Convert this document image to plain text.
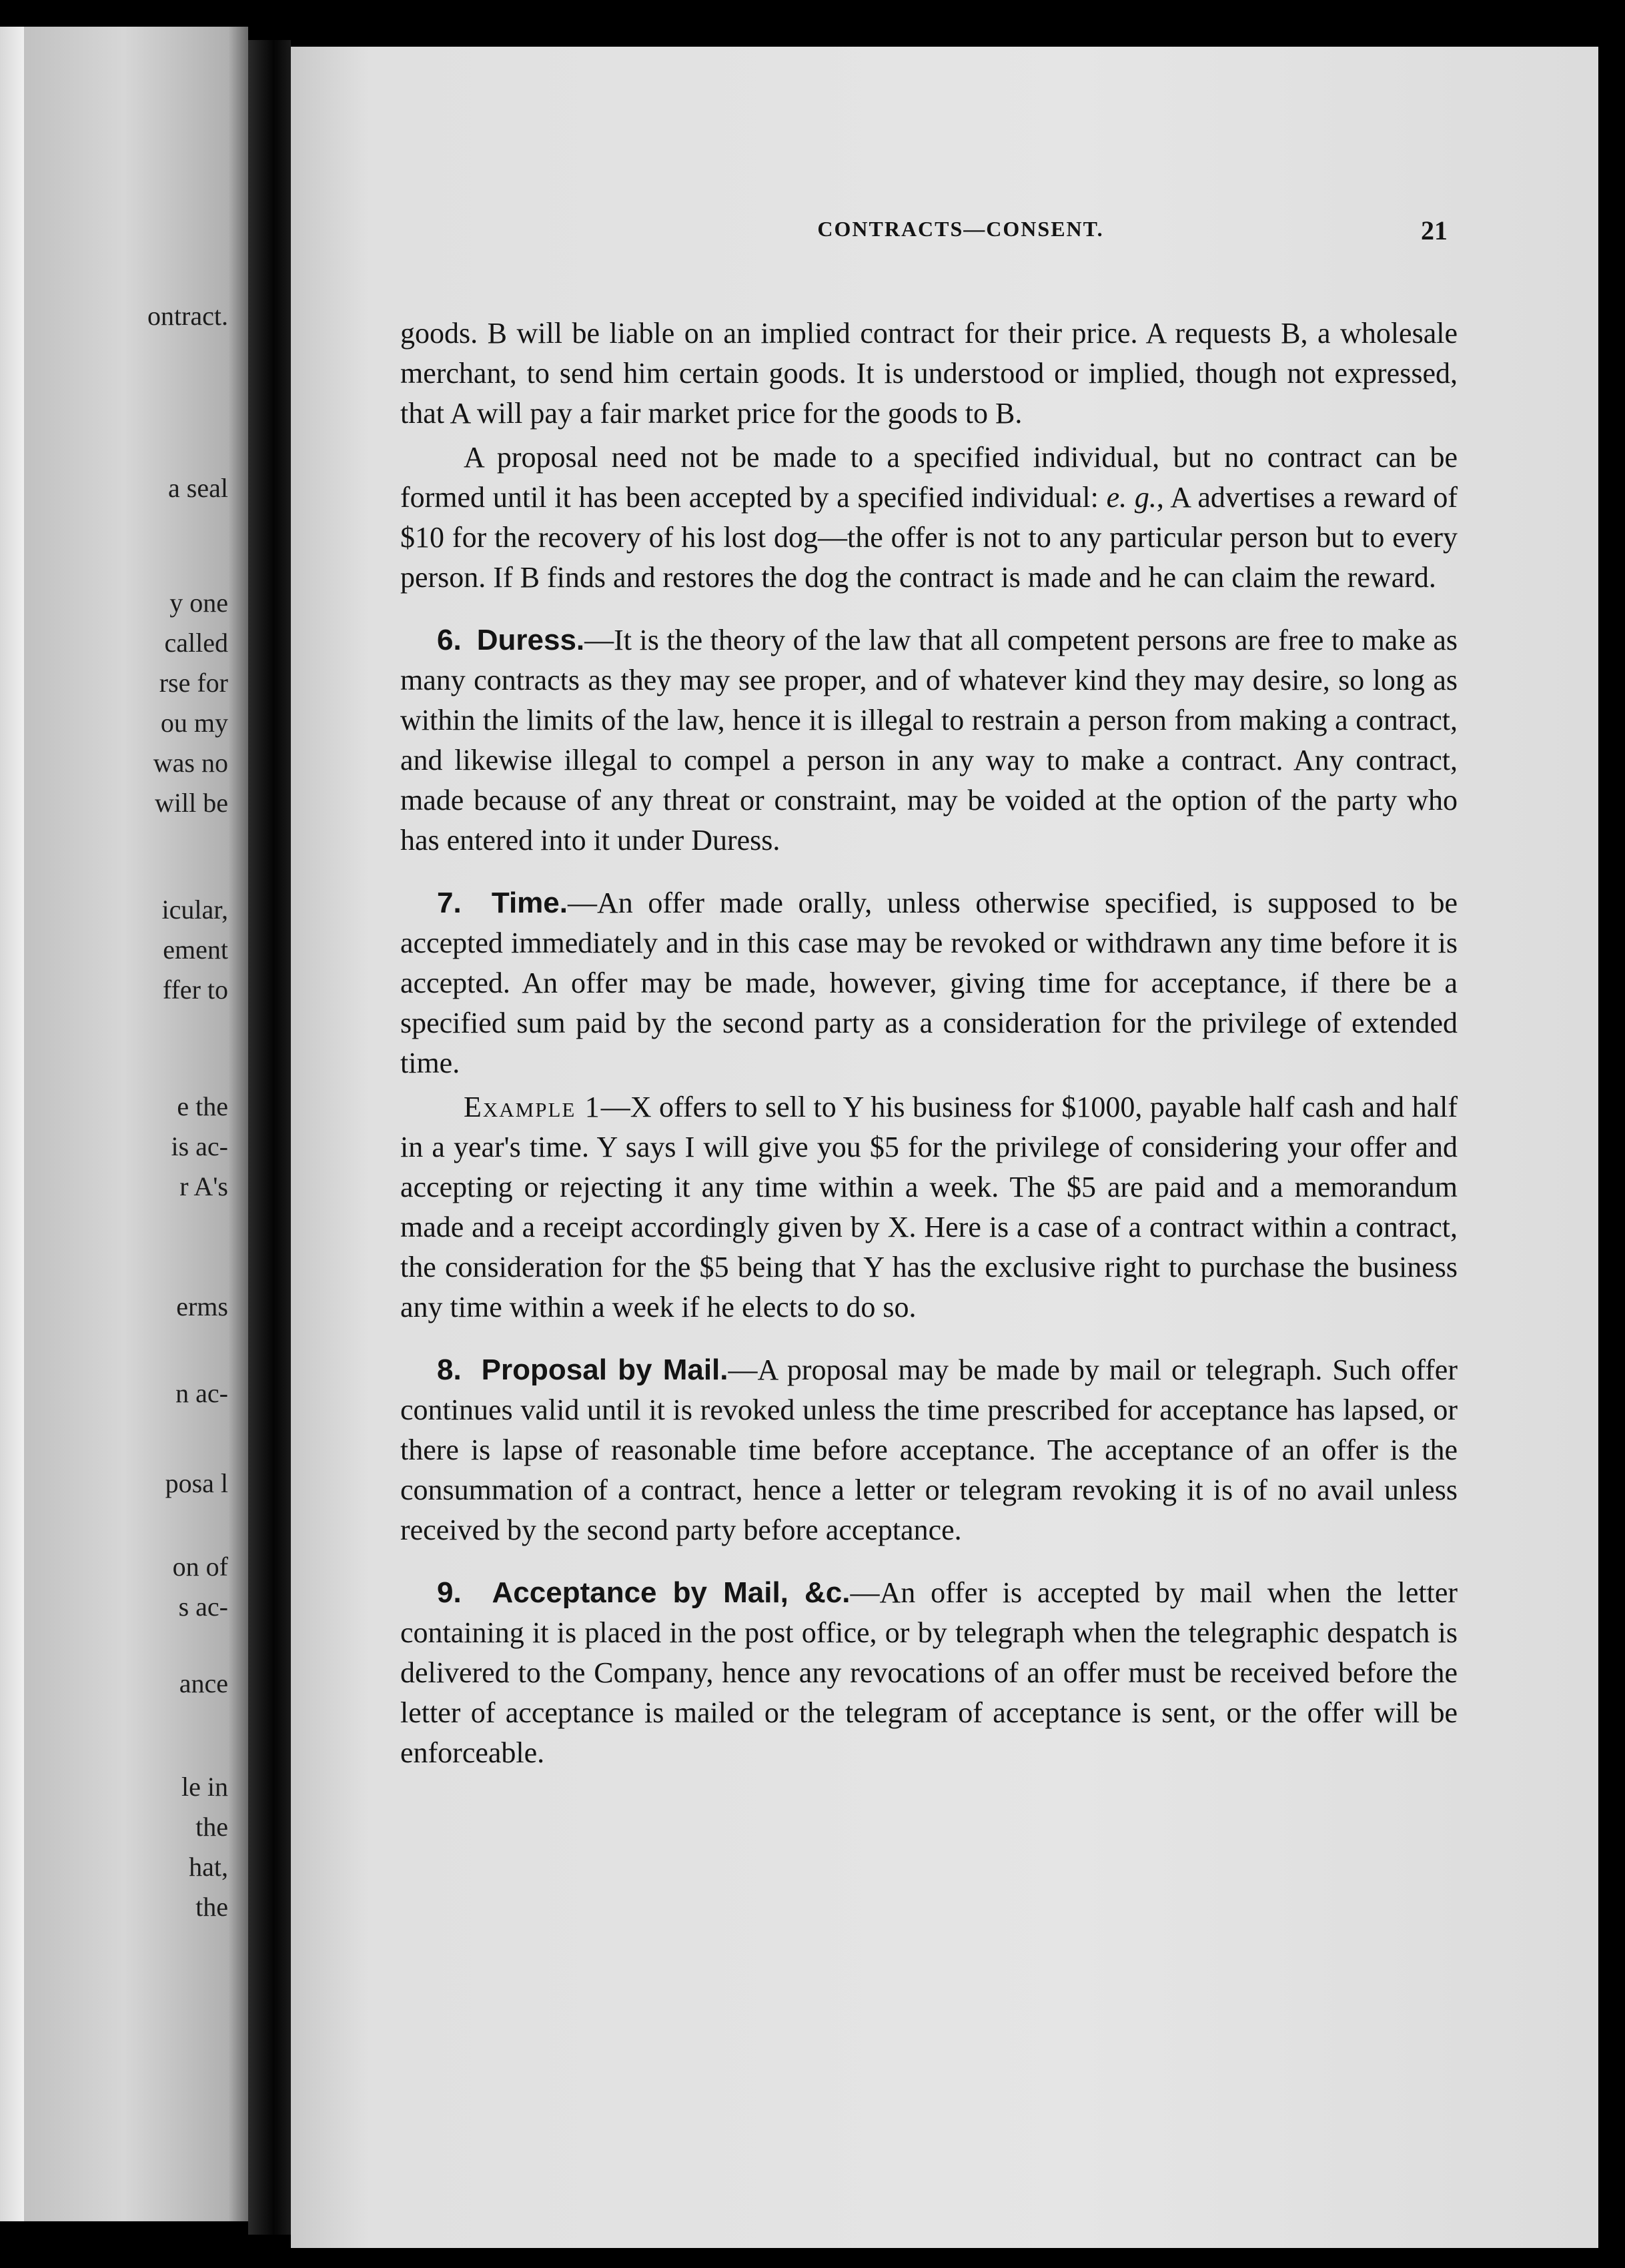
ontract.
a seal
y one
called
rse for
ou my
was no
will be
icular,
ement
ffer to
e the
is ac-
r A's
erms
n ac-
posa l
on of
s ac-
ance
le in
the
hat,
the
CONTRACTS—CONSENT.	21

goods. B will be liable on an implied contract for their price. A requests B, a wholesale merchant, to send him certain goods. It is understood or implied, though not expressed, that A will pay a fair market price for the goods to B.

A proposal need not be made to a specified individual, but no contract can be formed until it has been accepted by a specified individual: e. g., A advertises a reward of $10 for the recovery of his lost dog—the offer is not to any particular person but to every person. If B finds and restores the dog the contract is made and he can claim the reward.

6. Duress.—It is the theory of the law that all competent persons are free to make as many contracts as they may see proper, and of whatever kind they may desire, so long as within the limits of the law, hence it is illegal to restrain a person from making a contract, and likewise illegal to compel a person in any way to make a contract. Any contract, made because of any threat or constraint, may be voided at the option of the party who has entered into it under Duress.

7. Time.—An offer made orally, unless otherwise specified, is supposed to be accepted immediately and in this case may be revoked or withdrawn any time before it is accepted. An offer may be made, however, giving time for acceptance, if there be a specified sum paid by the second party as a consideration for the privilege of extended time.

Example 1—X offers to sell to Y his business for $1000, payable half cash and half in a year's time. Y says I will give you $5 for the privilege of considering your offer and accepting or rejecting it any time within a week. The $5 are paid and a memorandum made and a receipt accordingly given by X. Here is a case of a contract within a contract, the consideration for the $5 being that Y has the exclusive right to purchase the business any time within a week if he elects to do so.

8. Proposal by Mail.—A proposal may be made by mail or telegraph. Such offer continues valid until it is revoked unless the time prescribed for acceptance has lapsed, or there is lapse of reasonable time before acceptance. The acceptance of an offer is the consummation of a contract, hence a letter or telegram revoking it is of no avail unless received by the second party before acceptance.

9. Acceptance by Mail, &c.—An offer is accepted by mail when the letter containing it is placed in the post office, or by telegraph when the telegraphic despatch is delivered to the Company, hence any revocations of an offer must be received before the letter of acceptance is mailed or the telegram of acceptance is sent, or the offer will be enforceable.
